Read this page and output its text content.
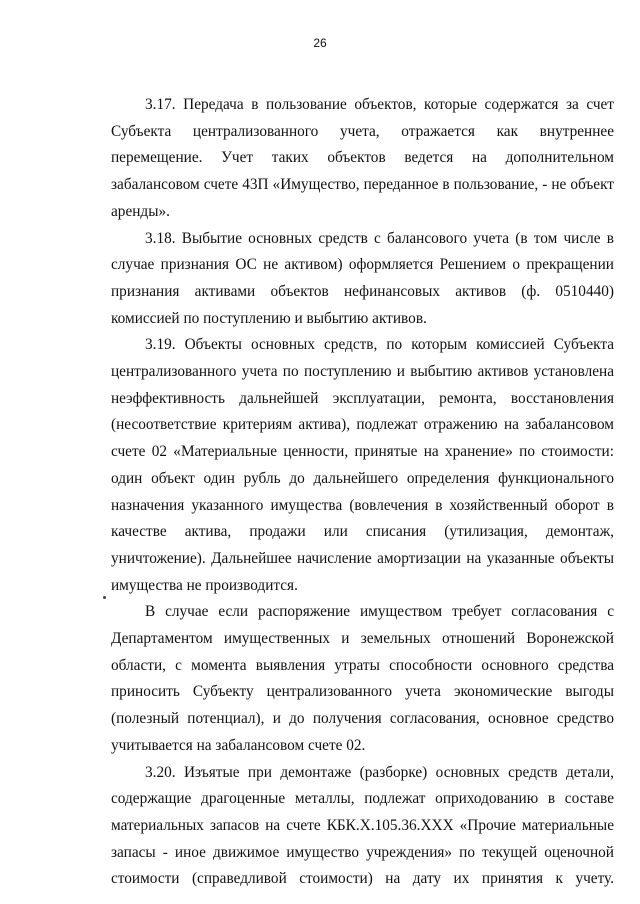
26

3.17. Передача в пользование объектов, которые содержатся за счет Субъекта централизованного учета, отражается как внутреннее перемещение. Учет таких объектов ведется на дополнительном забалансовом счете 43П «Имущество, переданное в пользование, - не объект аренды».

3.18. Выбытие основных средств с балансового учета (в том числе в случае признания ОС не активом) оформляется Решением о прекращении признания активами объектов нефинансовых активов (ф. 0510440) комиссией по поступлению и выбытию активов.

3.19. Объекты основных средств, по которым комиссией Субъекта централизованного учета по поступлению и выбытию активов установлена неэффективность дальнейшей эксплуатации, ремонта, восстановления (несоответствие критериям актива), подлежат отражению на забалансовом счете 02 «Материальные ценности, принятые на хранение» по стоимости: один объект один рубль до дальнейшего определения функционального назначения указанного имущества (вовлечения в хозяйственный оборот в качестве актива, продажи или списания (утилизация, демонтаж, уничтожение). Дальнейшее начисление амортизации на указанные объекты имущества не производится.

В случае если распоряжение имуществом требует согласования с Департаментом имущественных и земельных отношений Воронежской области, с момента выявления утраты способности основного средства приносить Субъекту централизованного учета экономические выгоды (полезный потенциал), и до получения согласования, основное средство учитывается на забалансовом счете 02.

3.20. Изъятые при демонтаже (разборке) основных средств детали, содержащие драгоценные металлы, подлежат оприходованию в составе материальных запасов на счете КБК.Х.105.36.ХХХ «Прочие материальные запасы - иное движимое имущество учреждения» по текущей оценочной стоимости (справедливой стоимости) на дату их принятия к учету.
